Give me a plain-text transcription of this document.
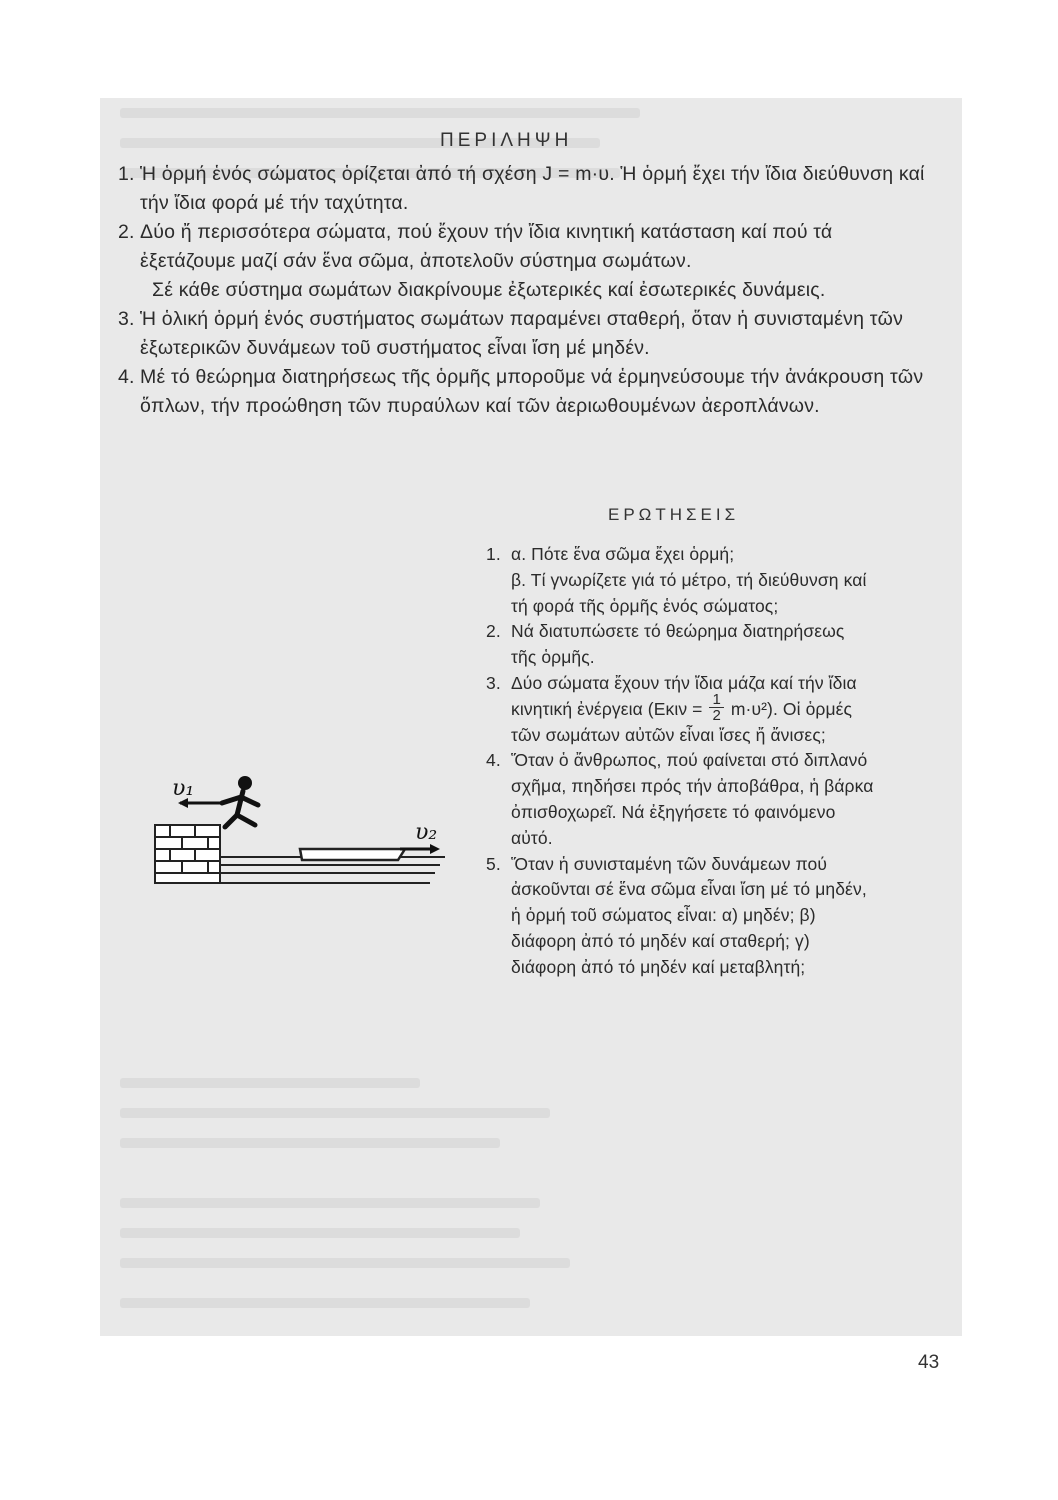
ΠΕΡΙΛΗΨΗ
1. Ἡ ὁρμή ἑνός σώματος ὁρίζεται ἀπό τή σχέση J = m·υ. Ἡ ὁρμή ἔχει τήν ἴδια διεύθυνση καί τήν ἴδια φορά μέ τήν ταχύτητα.
2. Δύο ἤ περισσότερα σώματα, πού ἔχουν τήν ἴδια κινητική κατάσταση καί πού τά ἐξετάζουμε μαζί σάν ἕνα σῶμα, ἀποτελοῦν σύστημα σωμάτων.
Σέ κάθε σύστημα σωμάτων διακρίνουμε ἐξωτερικές καί ἐσωτερικές δυνάμεις.
3. Ἡ ὁλική ὁρμή ἑνός συστήματος σωμάτων παραμένει σταθερή, ὅταν ἡ συνισταμένη τῶν ἐξωτερικῶν δυνάμεων τοῦ συστήματος εἶναι ἴση μέ μηδέν.
4. Μέ τό θεώρημα διατηρήσεως τῆς ὁρμῆς μποροῦμε νά ἑρμηνεύσουμε τήν ἀνάκρουση τῶν ὅπλων, τήν προώθηση τῶν πυραύλων καί τῶν ἀεριωθουμένων ἀεροπλάνων.
ΕΡΩΤΗΣΕΙΣ
1. α. Πότε ἕνα σῶμα ἔχει ὁρμή;
β. Τί γνωρίζετε γιά τό μέτρο, τή διεύθυνση καί τή φορά τῆς ὁρμῆς ἑνός σώματος;
2. Νά διατυπώσετε τό θεώρημα διατηρήσεως τῆς ὁρμῆς.
3. Δύο σώματα ἔχουν τήν ἴδια μάζα καί τήν ἴδια κινητική ἐνέργεια $(E\kappa\iota\nu = \frac{1}{2} m\cdot\upsilon^2)$. Οἱ ὁρμές τῶν σωμάτων αὐτῶν εἶναι ἴσες ἤ ἄνισες;
4. Ὅταν ὁ ἄνθρωπος, πού φαίνεται στό διπλανό σχῆμα, πηδήσει πρός τήν ἀποβάθρα, ἡ βάρκα ὀπισθοχωρεῖ. Νά ἐξηγήσετε τό φαινόμενο αὐτό.
5. Ὅταν ἡ συνισταμένη τῶν δυνάμεων πού ἀσκοῦνται σέ ἕνα σῶμα εἶναι ἴση μέ τό μηδέν, ἡ ὁρμή τοῦ σώματος εἶναι: α) μηδέν; β) διάφορη ἀπό τό μηδέν καί σταθερή; γ) διάφορη ἀπό τό μηδέν καί μεταβλητή;
υ₁
υ₂
43
